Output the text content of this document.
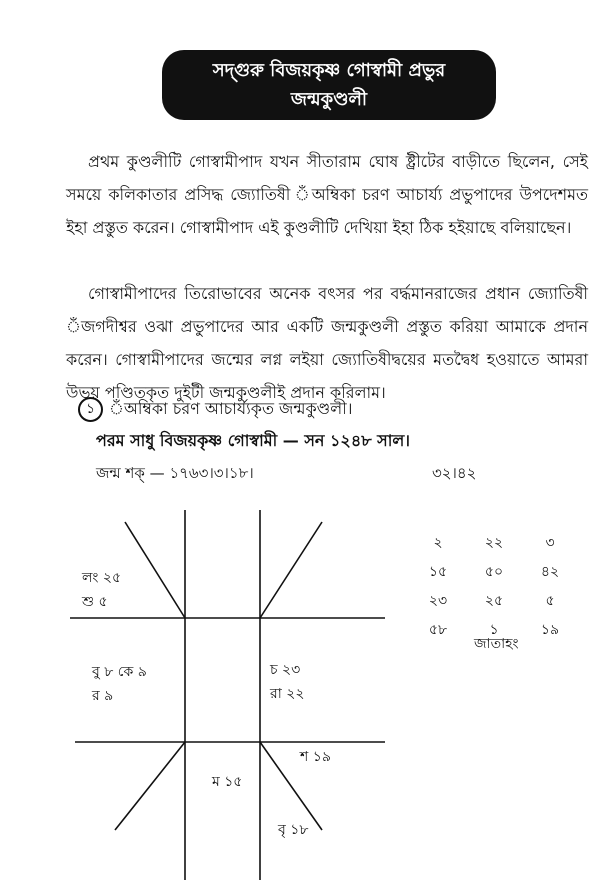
সদ্‌গুরু বিজয়কৃষ্ণ গোস্বামী প্রভুর
জন্মকুণ্ডলী

প্রথম কুণ্ডলীটি গোস্বামীপাদ যখন সীতারাম ঘোষ ষ্ট্রীটের বাড়ীতে ছিলেন, সেই সময়ে কলিকাতার প্রসিদ্ধ জ্যোতিষী ঁঅম্বিকা চরণ আচার্য্য প্রভুপাদের উপদেশমত ইহা প্রস্তুত করেন। গোস্বামীপাদ এই কুণ্ডলীটি দেখিয়া ইহা ঠিক হইয়াছে বলিয়াছেন।

গোস্বামীপাদের তিরোভাবের অনেক বৎসর পর বর্দ্ধমানরাজের প্রধান জ্যোতিষী ঁজগদীশ্বর ওঝা প্রভুপাদের আর একটি জন্মকুণ্ডলী প্রস্তুত করিয়া আমাকে প্রদান করেন। গোস্বামীপাদের জন্মের লগ্ন লইয়া জ্যোতিষীদ্বয়ের মতদ্বৈধ হওয়াতে আমরা উভয় পণ্ডিতকৃত দুইটী জন্মকুণ্ডলীই প্রদান করিলাম।

১ ঁঅম্বিকা চরণ আচার্য্যকৃত জন্মকুণ্ডলী।
পরম সাধু বিজয়কৃষ্ণ গোস্বামী — সন ১২৪৮ সাল।
জন্ম শক্‌ — ১৭৬৩।৩।১৮।	৩২।৪২
লং ২৫
শু ৫
বু ৮ কে ৯
র ৯
চ ২৩
রা ২২
শ ১৯
ম ১৫
বৃ ১৮
২	২২	৩
১৫	৫০	৪২
২৩	২৫	৫
৫৮	১	১৯
জাতাহং
